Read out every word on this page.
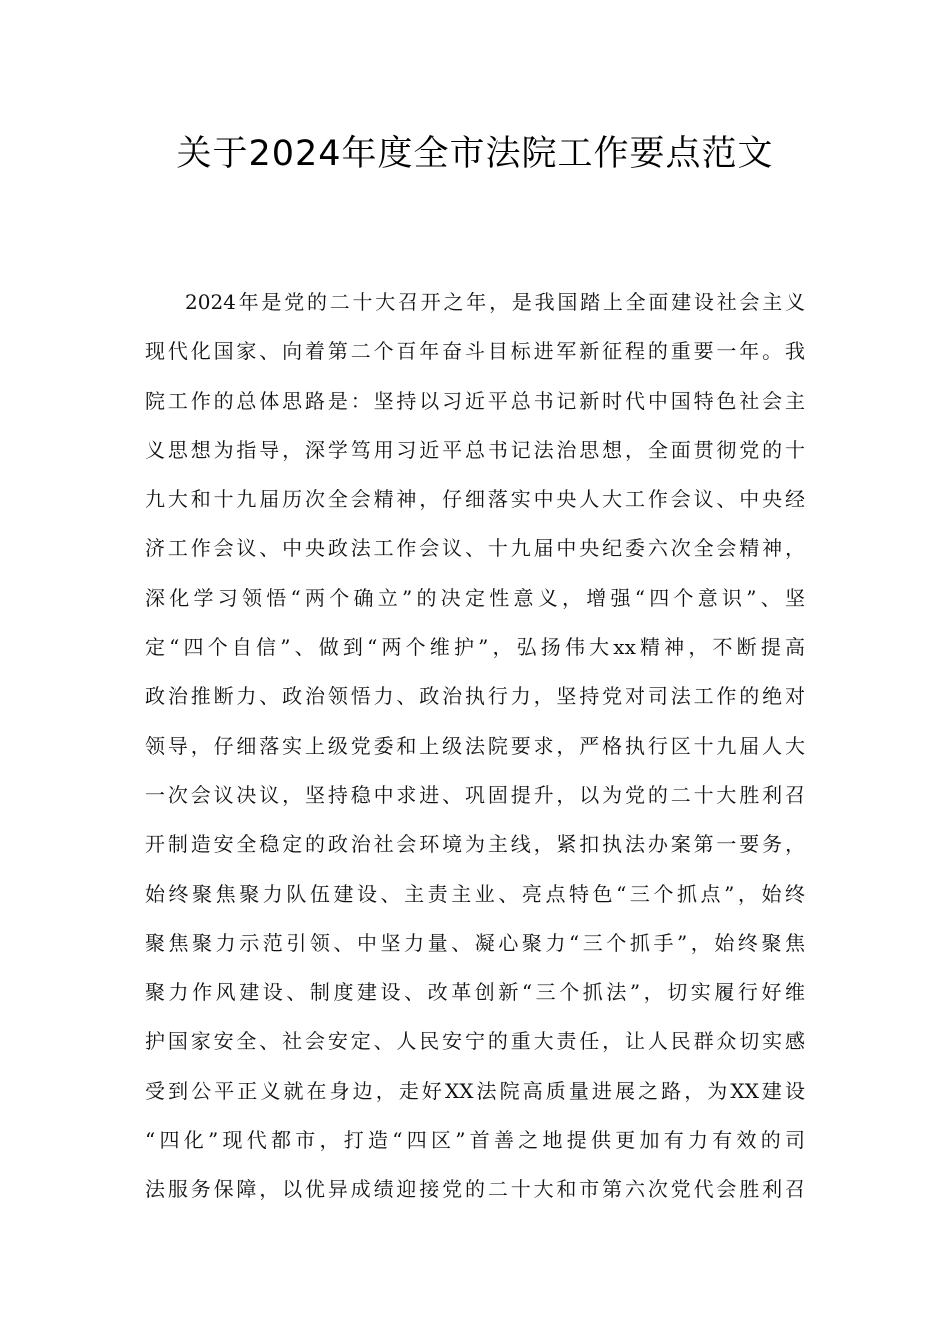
关于2024年度全市法院工作要点范文
2024年是党的二十大召开之年，是我国踏上全面建设社会主义
现代化国家、向着第二个百年奋斗目标进军新征程的重要一年。我
院工作的总体思路是：坚持以习近平总书记新时代中国特色社会主
义思想为指导，深学笃用习近平总书记法治思想，全面贯彻党的十
九大和十九届历次全会精神，仔细落实中央人大工作会议、中央经
济工作会议、中央政法工作会议、十九届中央纪委六次全会精神，
深化学习领悟“两个确立”的决定性意义，增强“四个意识”、坚
定“四个自信”、做到“两个维护”，弘扬伟大xx精神，不断提高
政治推断力、政治领悟力、政治执行力，坚持党对司法工作的绝对
领导，仔细落实上级党委和上级法院要求，严格执行区十九届人大
一次会议决议，坚持稳中求进、巩固提升，以为党的二十大胜利召
开制造安全稳定的政治社会环境为主线，紧扣执法办案第一要务，
始终聚焦聚力队伍建设、主责主业、亮点特色“三个抓点”，始终
聚焦聚力示范引领、中坚力量、凝心聚力“三个抓手”，始终聚焦
聚力作风建设、制度建设、改革创新“三个抓法”，切实履行好维
护国家安全、社会安定、人民安宁的重大责任，让人民群众切实感
受到公平正义就在身边，走好XX法院高质量进展之路，为XX建设
“四化”现代都市，打造“四区”首善之地提供更加有力有效的司
法服务保障，以优异成绩迎接党的二十大和市第六次党代会胜利召
